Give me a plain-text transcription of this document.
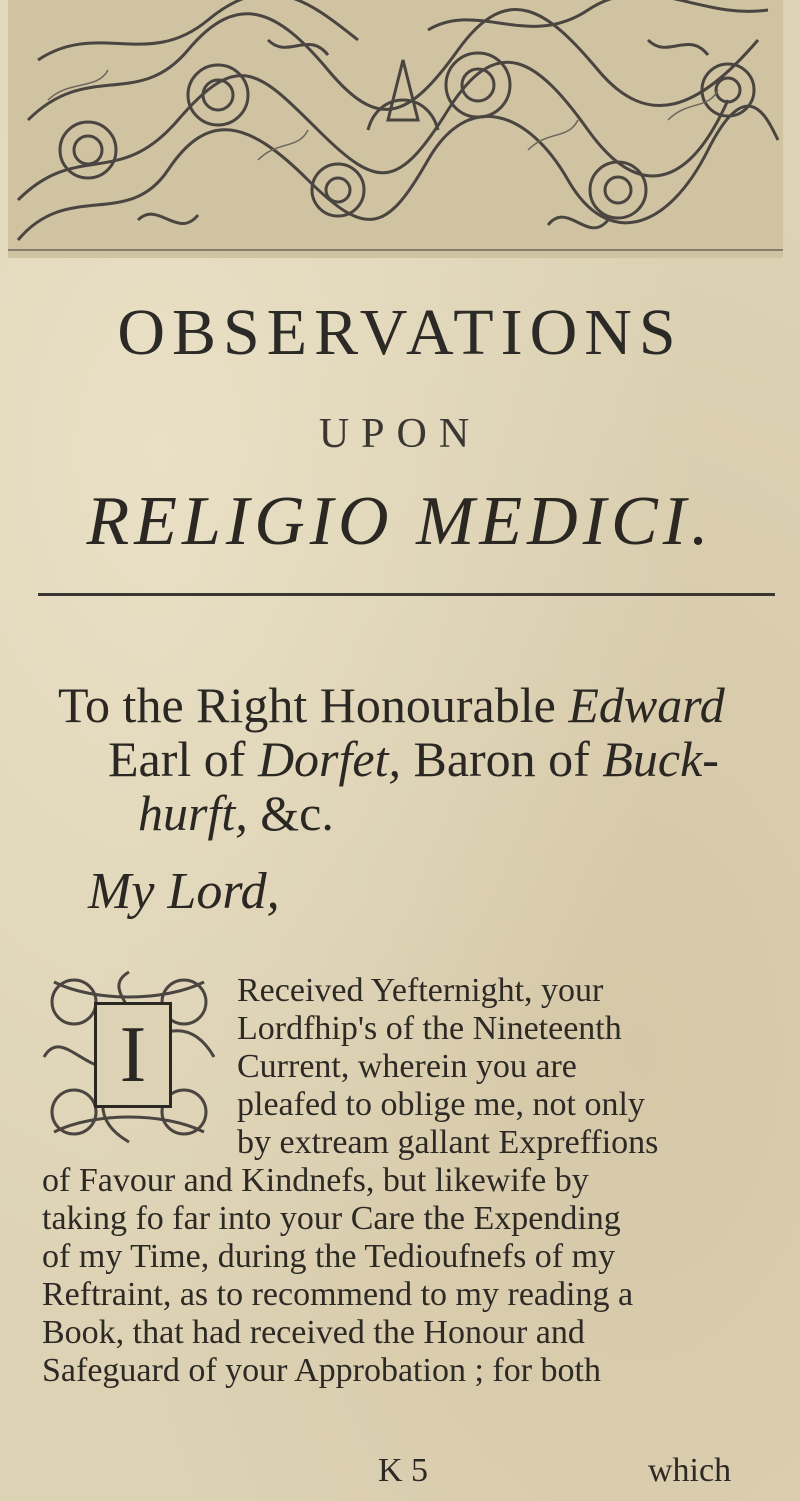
OBSERVATIONS
UPON
RELIGIO MEDICI.
To the Right Honourable Edward
Earl of Dorfet, Baron of Buck-
hurft, &c.
My Lord,
I
Received Yefternight, your
Lordfhip's of the Nineteenth
Current, wherein you are
pleafed to oblige me, not only
by extream gallant Expreffions
of Favour and Kindnefs, but likewife by
taking fo far into your Care the Expending
of my Time, during the Tedioufnefs of my
Reftraint, as to recommend to my reading a
Book, that had received the Honour and
Safeguard of your Approbation ; for both
K 5	which
